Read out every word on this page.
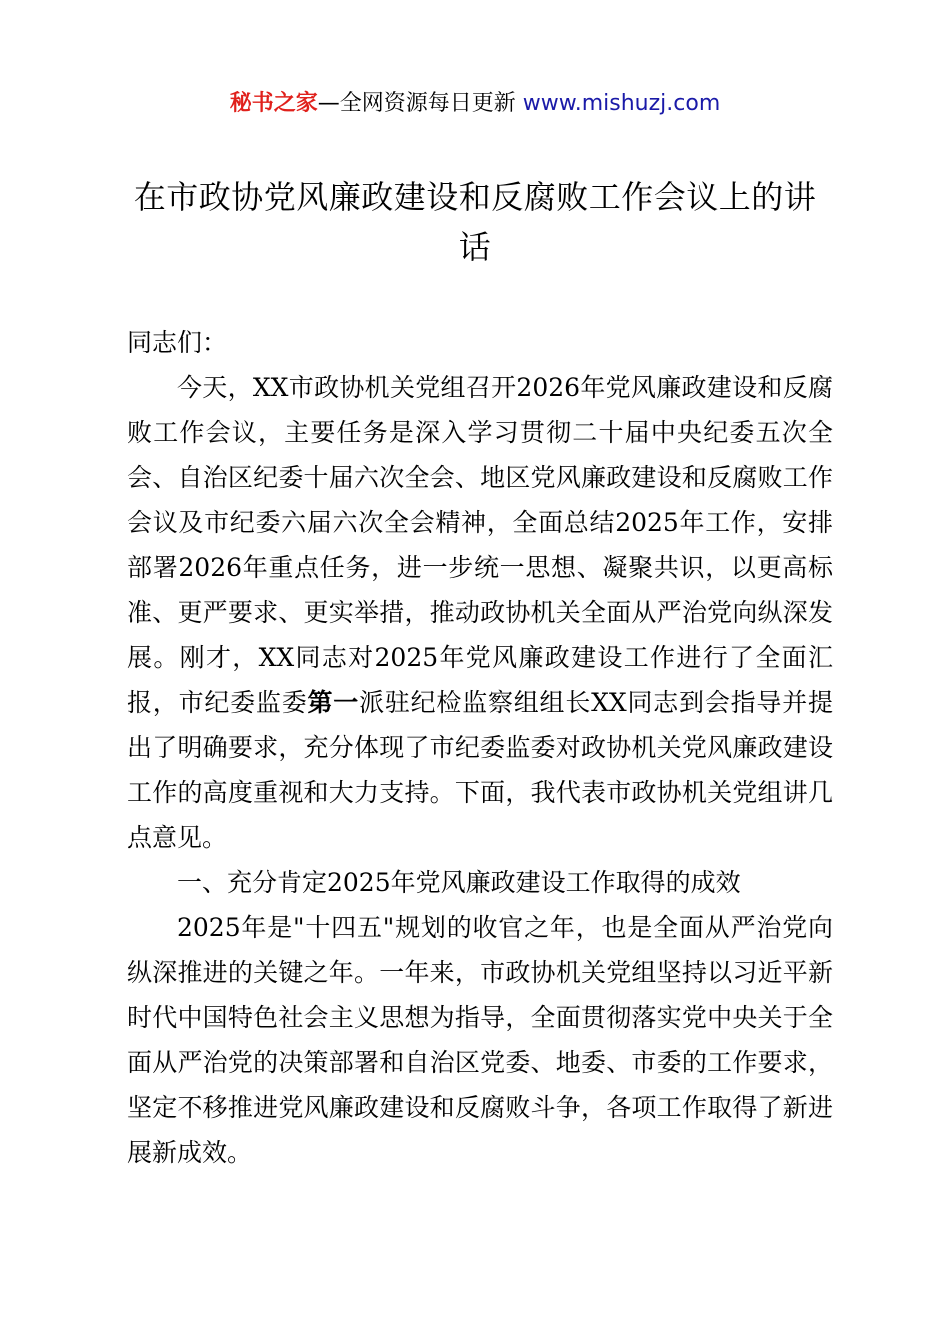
秘书之家—全网资源每日更新 www.mishuzj.com
在市政协党风廉政建设和反腐败工作会议上的讲话

同志们：

今天，XX市政协机关党组召开2026年党风廉政建设和反腐败工作会议，主要任务是深入学习贯彻二十届中央纪委五次全会、自治区纪委十届六次全会、地区党风廉政建设和反腐败工作会议及市纪委六届六次全会精神，全面总结2025年工作，安排部署2026年重点任务，进一步统一思想、凝聚共识，以更高标准、更严要求、更实举措，推动政协机关全面从严治党向纵深发展。刚才，XX同志对2025年党风廉政建设工作进行了全面汇报，市纪委监委第一派驻纪检监察组组长XX同志到会指导并提出了明确要求，充分体现了市纪委监委对政协机关党风廉政建设工作的高度重视和大力支持。下面，我代表市政协机关党组讲几点意见。

一、充分肯定2025年党风廉政建设工作取得的成效

2025年是"十四五"规划的收官之年，也是全面从严治党向纵深推进的关键之年。一年来，市政协机关党组坚持以习近平新时代中国特色社会主义思想为指导，全面贯彻落实党中央关于全面从严治党的决策部署和自治区党委、地委、市委的工作要求，坚定不移推进党风廉政建设和反腐败斗争，各项工作取得了新进展新成效。
